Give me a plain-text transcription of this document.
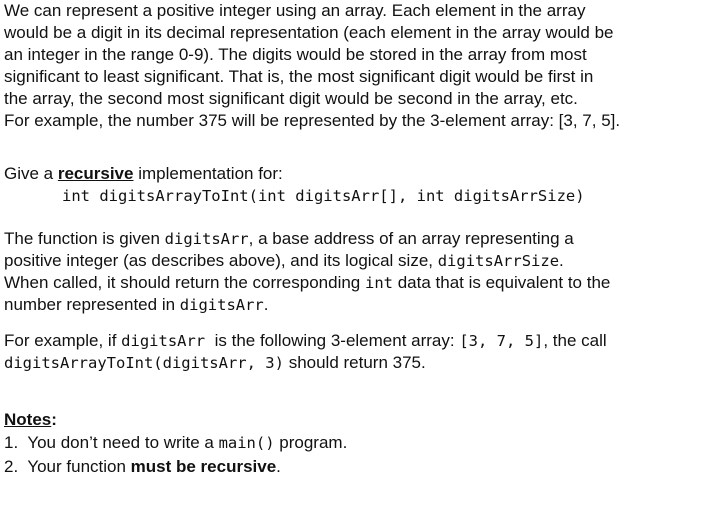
We can represent a positive integer using an array. Each element in the array

would be a digit in its decimal representation (each element in the array would be

an integer in the range 0-9). The digits would be stored in the array from most

significant to least significant. That is, the most significant digit would be first in

the array, the second most significant digit would be second in the array, etc.

For example, the number 375 will be represented by the 3-element array: [3, 7, 5].

Give a recursive implementation for:

int digitsArrayToInt(int digitsArr[], int digitsArrSize)

The function is given digitsArr, a base address of an array representing a

positive integer (as describes above), and its logical size, digitsArrSize.

When called, it should return the corresponding int data that is equivalent to the

number represented in digitsArr.

For example, if digitsArr  is the following 3-element array: [3, 7, 5], the call

digitsArrayToInt(digitsArr, 3) should return 375.

Notes:

1.  You don’t need to write a main() program.
2.  Your function must be recursive.
